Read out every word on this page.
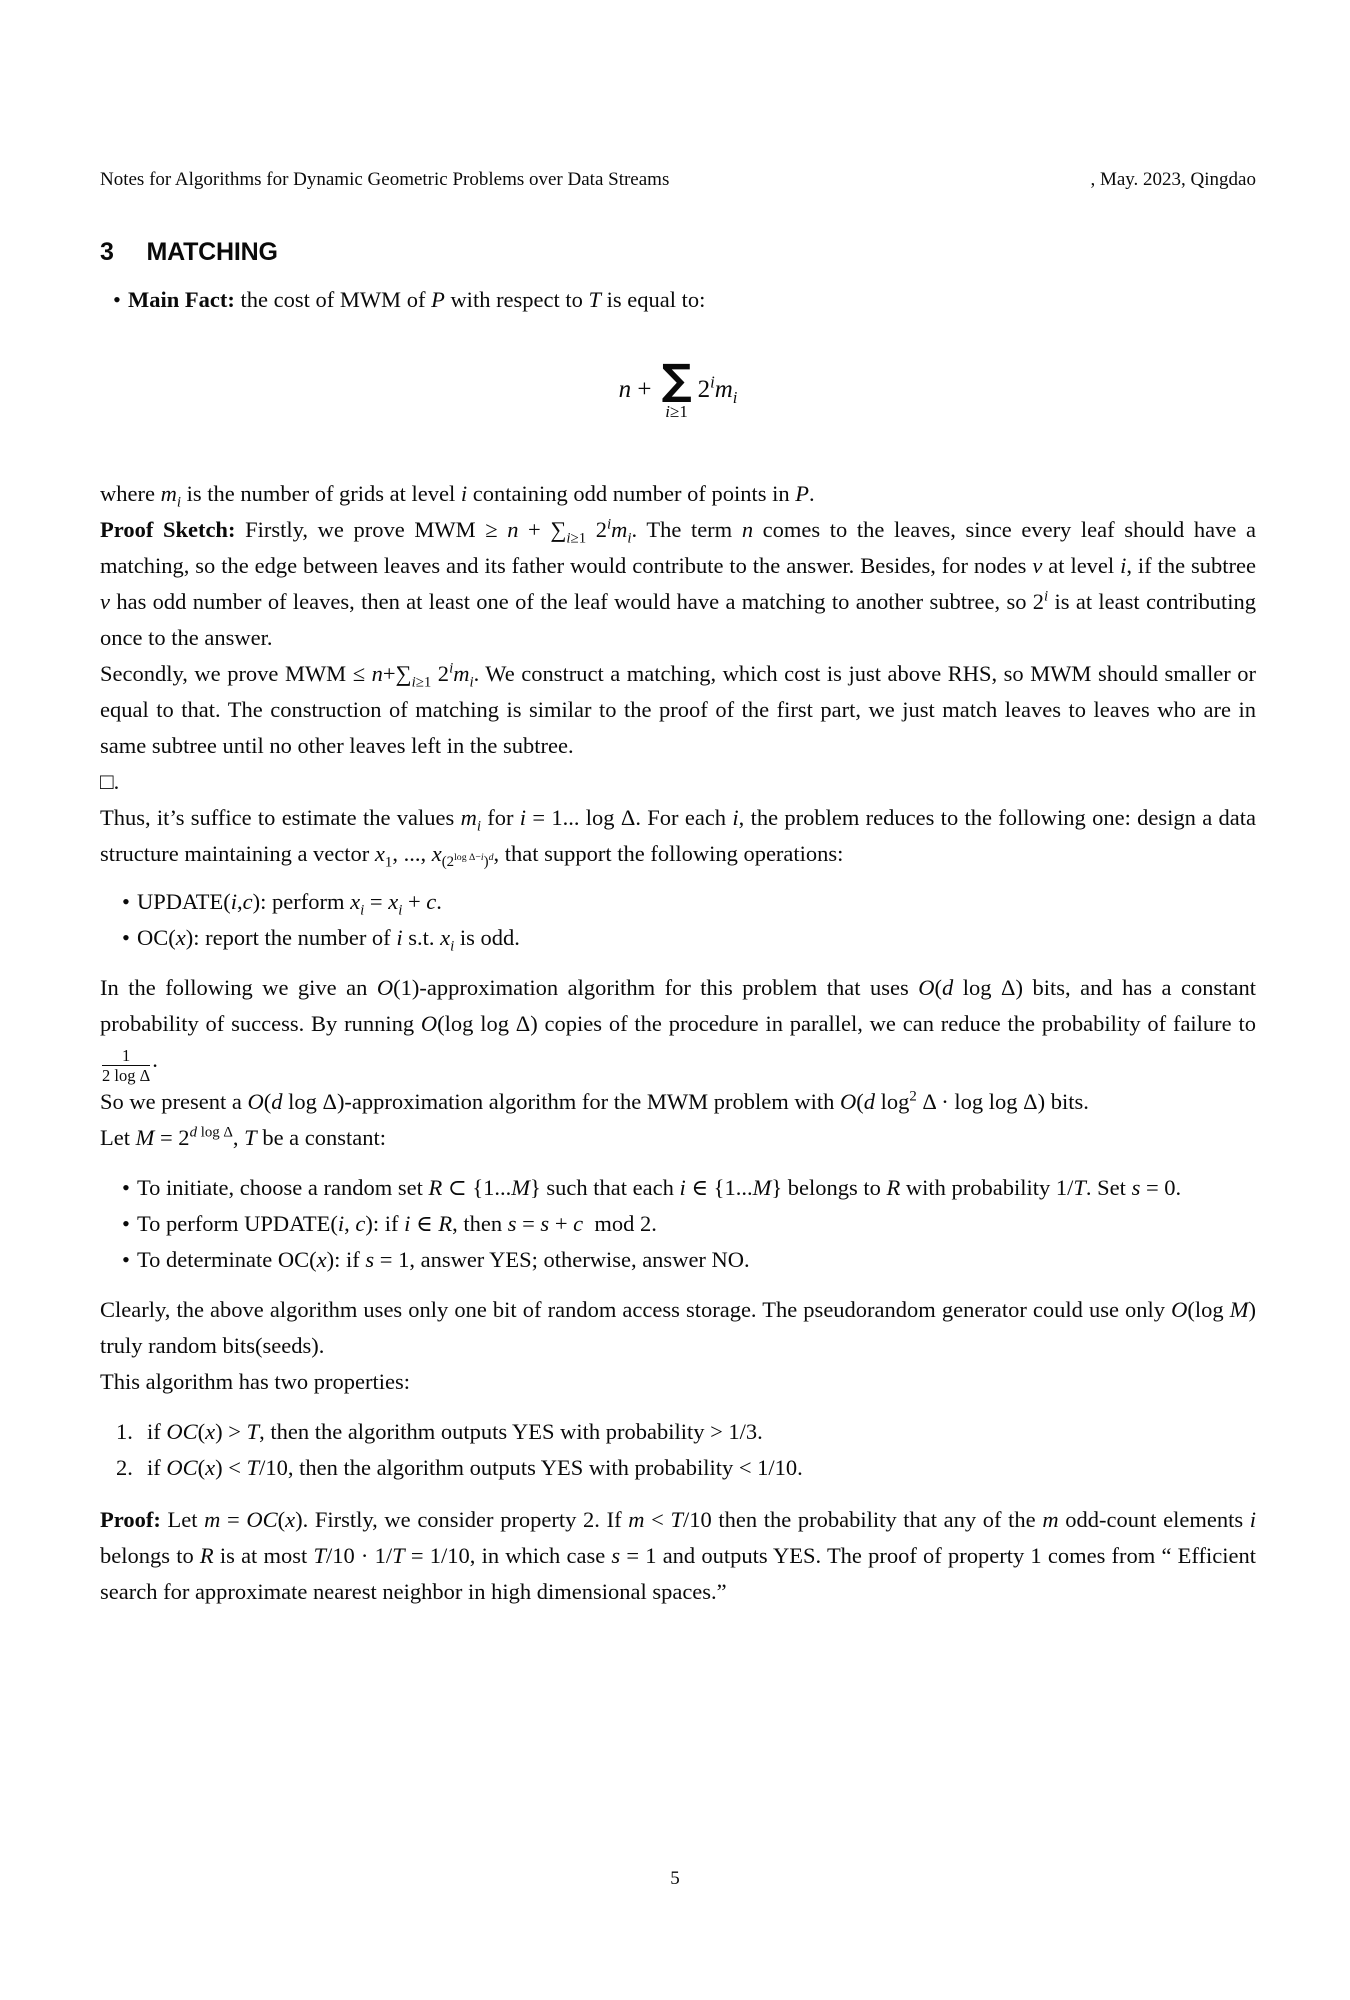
Notes for Algorithms for Dynamic Geometric Problems over Data Streams	, May. 2023, Qingdao
3 MATCHING
• Main Fact: the cost of MWM of P with respect to T is equal to:
n + ∑
i≥1
$2^im_i$

where $m_i$ is the number of grids at level i containing odd number of points in P.

Proof Sketch: Firstly, we prove MWM ≥ $n + \sum_{i\ge 1}$ $2^im_i$. The term n comes to the leaves, since every leaf should have a matching, so the edge between leaves and its father would contribute to the answer. Besides, for nodes v at level i, if the subtree v has odd number of leaves, then at least one of the leaf would have a matching to another subtree, so 2$^i$ is at least contributing once to the answer.

Secondly, we prove MWM ≤ $n+\sum_{i\ge 1}$ $2^im_i$. We construct a matching, which cost is just above RHS, so MWM should smaller or equal to that. The construction of matching is similar to the proof of the first part, we just match leaves to leaves who are in same subtree until no other leaves left in the subtree.

□.

Thus, it’s suffice to estimate the values $m_i$ for i = 1... log Δ. For each i, the problem reduces to the following one: design a data structure maintaining a vector $x_1$, ..., $x_{(2^{log \Delta-i})^d}$, that support the following operations:

• UPDATE(i,c): perform $x_i = x_i + c$.
• OC(x): report the number of i s.t. $x_i$ is odd.

In the following we give an O(1)-approximation algorithm for this problem that uses O(d log Δ) bits, and has a constant probability of success. By running O(log log Δ) copies of the procedure in parallel, we can reduce the probability of failure to
$\frac{1}{\text{2 log Δ}}$ .

So we present a O(d log Δ)-approximation algorithm for the MWM problem with O(d $\log^2 \Delta \cdot \log \log \Delta$) bits.

Let $M = 2^{d log \Delta}$, T be a constant:

• To initiate, choose a random set R ⊂ {1...M} such that each i ∈ {1...M} belongs to R with probability 1/T. Set s = 0.
• To perform UPDATE(i, c): if i ∈ R, then s = s + c  mod 2.
• To determinate OC(x): if s = 1, answer YES; otherwise, answer NO.

Clearly, the above algorithm uses only one bit of random access storage. The pseudorandom generator could use only O(log M) truly random bits(seeds).

This algorithm has two properties:

1. if OC(x) > T, then the algorithm outputs YES with probability > 1/3.
2. if OC(x) < T/10, then the algorithm outputs YES with probability < 1/10.

Proof: Let m = OC(x). Firstly, we consider property 2. If m < T/10 then the probability that any of the m odd-count elements i belongs to R is at most T/10 · 1/T = 1/10, in which case s = 1 and outputs YES. The proof of property 1 comes from “ Efficient search for approximate nearest neighbor in high dimensional spaces.”

5
